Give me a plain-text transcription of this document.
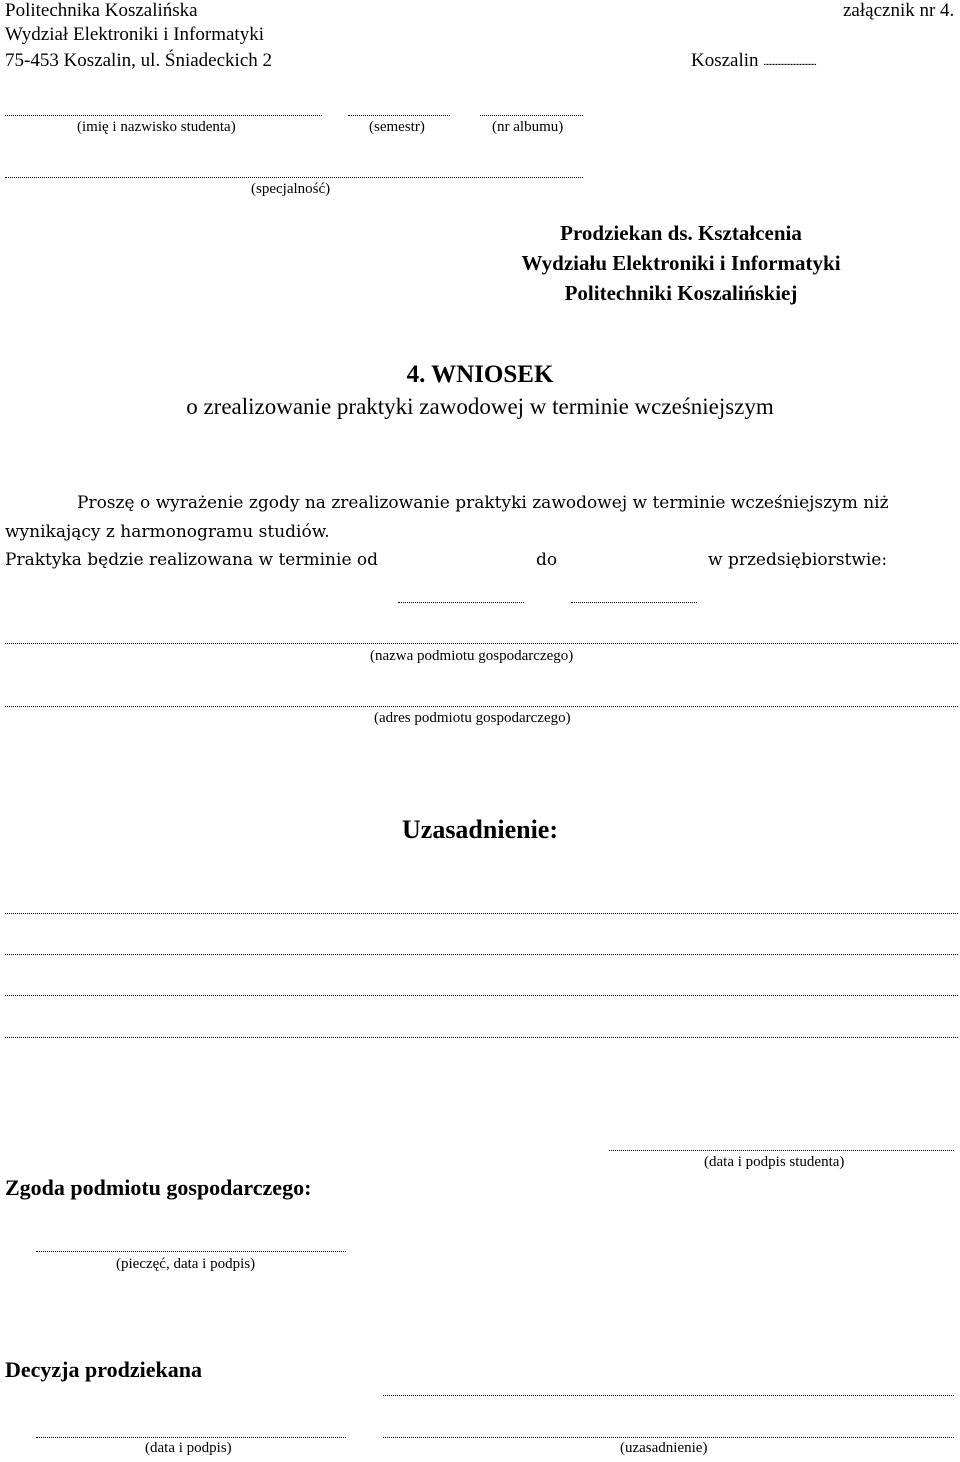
Politechnika Koszalińska
Wydział Elektroniki i Informatyki
75-453 Koszalin, ul. Śniadeckich 2
załącznik nr 4.
Koszalin ...................................
(imię i nazwisko studenta)	(semestr)	(nr albumu)
(specjalność)
Prodziekan ds. Kształcenia
Wydziału Elektroniki i Informatyki
Politechniki Koszalińskiej
4. WNIOSEK
o zrealizowanie praktyki zawodowej w terminie wcześniejszym
Proszę o wyrażenie zgody na zrealizowanie praktyki zawodowej w terminie wcześniejszym niż
wynikający z harmonogramu studiów.
Praktyka będzie realizowana w terminie od	do	w przedsiębiorstwie:
(nazwa podmiotu gospodarczego)
(adres podmiotu gospodarczego)
Uzasadnienie:
(data i podpis studenta)
Zgoda podmiotu gospodarczego:
(pieczęć, data i podpis)
Decyzja prodziekana
(data i podpis)	(uzasadnienie)
